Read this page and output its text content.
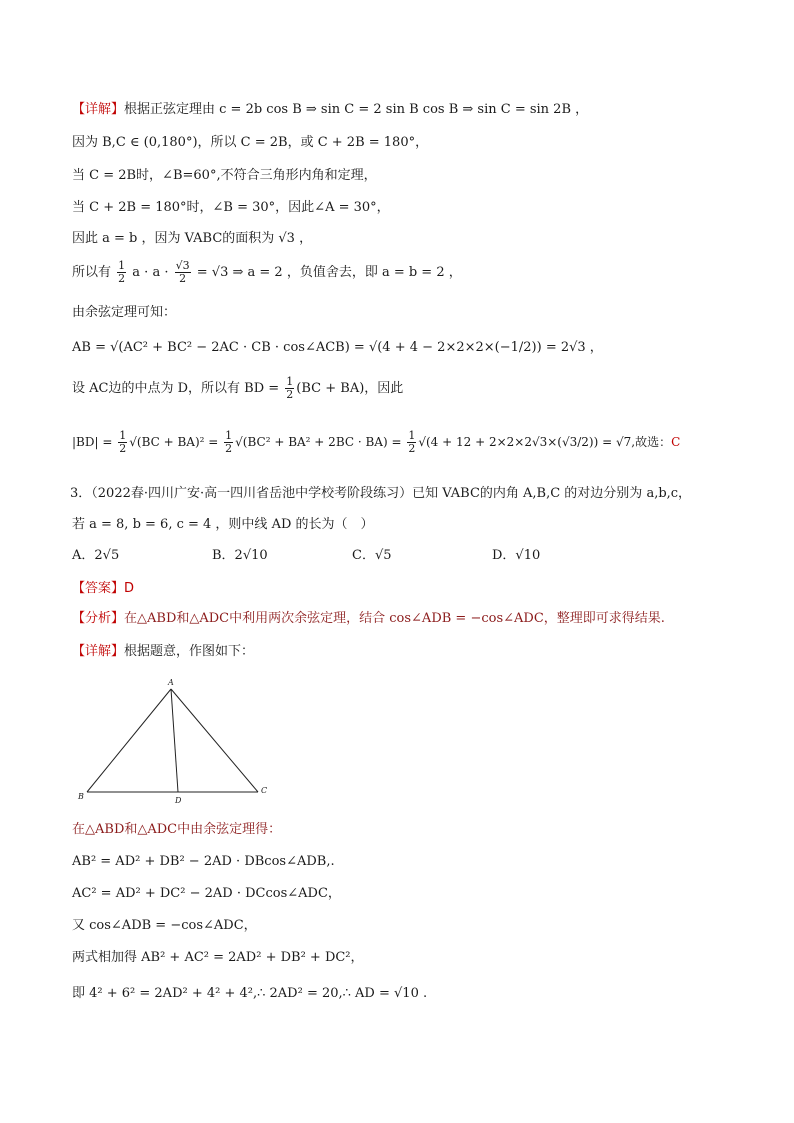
【详解】根据正弦定理由 c = 2b cos B ⇒ sin C = 2 sin B cos B ⇒ sin C = sin 2B ，
因为 B,C ∈ (0,180°)，所以 C = 2B，或 C + 2B = 180°，
当 C = 2B时，∠B=60°,不符合三角形内角和定理，
当 C + 2B = 180°时，∠B = 30°，因此∠A = 30°，
因此 a = b ，因为 VABC的面积为 √3 ，
所以有 $\frac{1}{2}$ $a \cdot a \cdot \frac{√3}{2} = √3$ ⇒ a = 2 ，负值舍去，即 a = b = 2 ，
由余弦定理可知：
AB = √(AC² + BC² − 2AC · CB · cos∠ACB) = √(4 + 4 − 2×2×2×(−1/2)) = 2√3 ，
设 AC边的中点为 D，所以有 BD = $\frac{1}{2} (BC + BA)$，因此
$|BD| = \frac{1}{2} √(BC + BA)^2 = \frac{1}{2} √(BC^2 + BA^2 + 2BC \cdot BA) = \frac{1}{2} √(4 + 12 + 2\times 2\times 2√3\times(√3/2)) = √7$,故选：C
3．（2022春·四川广安·高一四川省岳池中学校考阶段练习）已知 VABC的内角 A,B,C 的对边分别为 a,b,c，
若 a = 8, b = 6, c = 4 ，则中线 AD 的长为（　）
A．2√5	B．2√10	C．√5	D．√10
【答案】D
【分析】在△ABD和△ADC中利用两次余弦定理，结合 cos∠ADB = −cos∠ADC，整理即可求得结果.
【详解】根据题意，作图如下：
A
B
C
D
在△ABD和△ADC中由余弦定理得：
AB² = AD² + DB² − 2AD · DBcos∠ADB,.
AC² = AD² + DC² − 2AD · DCcos∠ADC，
又 cos∠ADB = −cos∠ADC，
两式相加得 AB² + AC² = 2AD² + DB² + DC²，
即 4² + 6² = 2AD² + 4² + 4²,∴ 2AD² = 20,∴ AD = √10 .
